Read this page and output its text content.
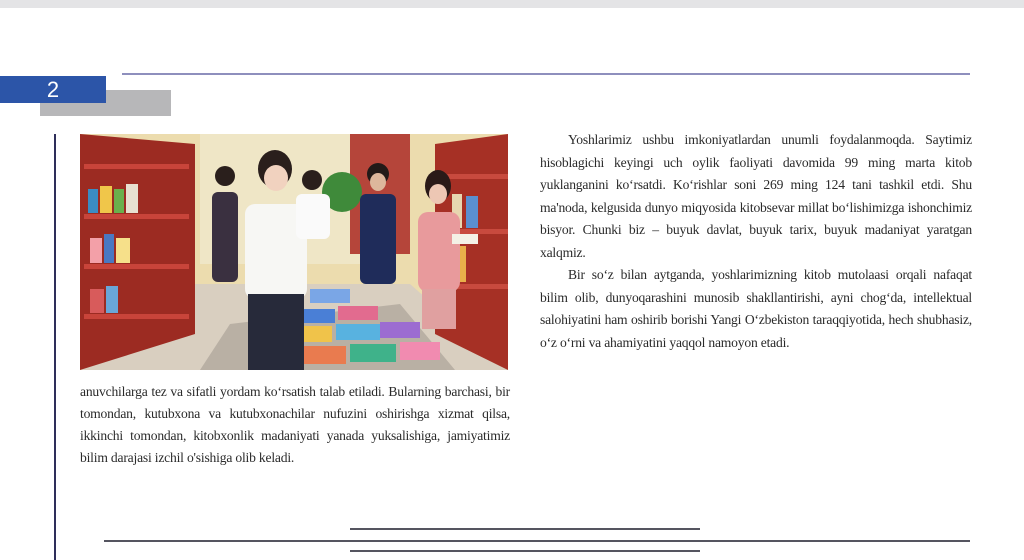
2

anuvchilarga tez va sifatli yordam ko‘rsatish talab etiladi. Bularning barchasi, bir tomondan, kutubxona va kutubxonachilar nufuzini oshirishga xizmat qilsa, ikkinchi tomondan, kitobxonlik madaniyati yanada yuksalishiga, jamiyatimiz bilim darajasi izchil o'sishiga olib keladi.

Yoshlarimiz ushbu imkoniyatlardan unumli foydalanmoqda. Saytimiz hisoblagichi keyingi uch oylik faoliyati davomida 99 ming marta kitob yuklanganini ko‘rsatdi. Ko‘rishlar soni 269 ming 124 tani tashkil etdi. Shu ma'noda, kelgusida dunyo miqyosida kitobsevar millat bo‘lishimizga ishonchimiz bisyor. Chunki biz – buyuk davlat, buyuk tarix, buyuk madaniyat yaratgan xalqmiz.

Bir so‘z bilan aytganda, yoshlarimizning kitob mutolaasi orqali nafaqat bilim olib, dunyoqarashini munosib shakllantirishi, ayni chog‘da, intellektual salohiyatini ham oshirib borishi Yangi O‘zbekiston taraqqiyotida, hech shubhasiz, o‘z o‘rni va ahamiyatini yaqqol namoyon etadi.
